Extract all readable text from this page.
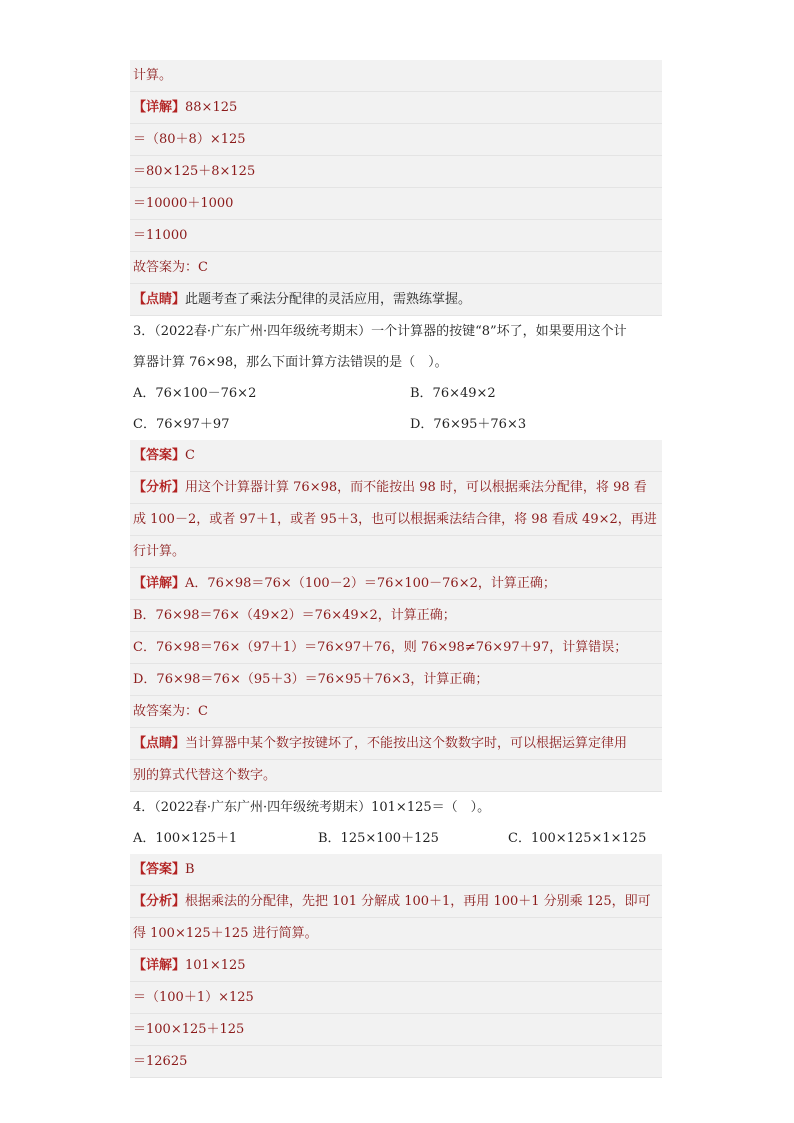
计算。
【详解】88×125
＝（80＋8）×125
＝80×125＋8×125
＝10000＋1000
＝11000
故答案为：C
【点睛】此题考查了乘法分配律的灵活应用，需熟练掌握。
3．（2022春·广东广州·四年级统考期末）一个计算器的按键“8”坏了，如果要用这个计
算器计算 76×98，那么下面计算方法错误的是（　）。
A．76×100－76×2	B．76×49×2
C．76×97＋97	D．76×95＋76×3
【答案】C
【分析】用这个计算器计算 76×98，而不能按出 98 时，可以根据乘法分配律，将 98 看
成 100－2，或者 97＋1，或者 95＋3，也可以根据乘法结合律，将 98 看成 49×2，再进
行计算。
【详解】A．76×98＝76×（100－2）＝76×100－76×2，计算正确；
B．76×98＝76×（49×2）＝76×49×2，计算正确；
C．76×98＝76×（97＋1）＝76×97＋76，则 76×98≠76×97＋97，计算错误；
D．76×98＝76×（95＋3）＝76×95＋76×3，计算正确；
故答案为：C
【点睛】当计算器中某个数字按键坏了，不能按出这个数数字时，可以根据运算定律用
别的算式代替这个数字。
4．（2022春·广东广州·四年级统考期末）101×125＝（　）。
A．100×125＋1	B．125×100＋125	C．100×125×1×125
【答案】B
【分析】根据乘法的分配律，先把 101 分解成 100＋1，再用 100＋1 分别乘 125，即可
得 100×125＋125 进行简算。
【详解】101×125
＝（100＋1）×125
＝100×125＋125
＝12625
